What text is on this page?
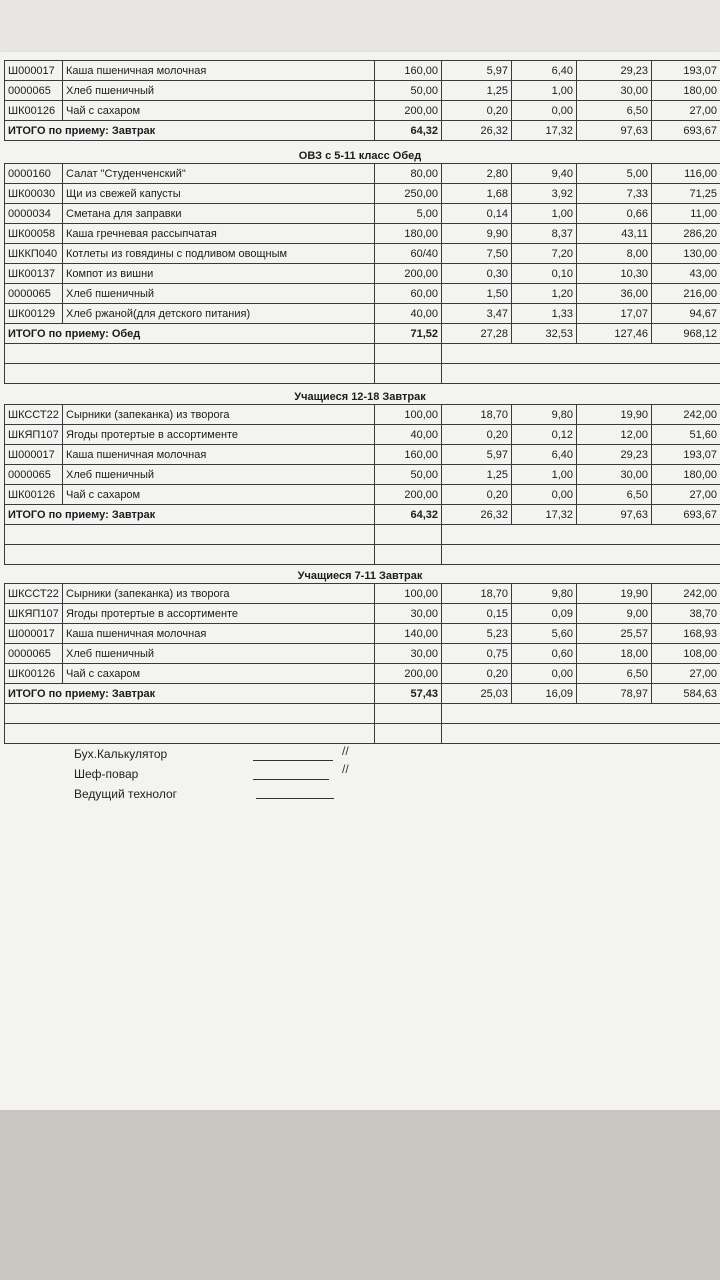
Ш000017	Каша пшеничная молочная	160,00	5,97	6,40	29,23	193,07
0000065	Хлеб пшеничный	50,00	1,25	1,00	30,00	180,00
ШК00126	Чай с сахаром	200,00	0,20	0,00	6,50	27,00
ИТОГО по приему: Завтрак		64,32	26,32	17,32	97,63	693,67
ОВЗ с 5-11 класс Обед
0000160	Салат "Студенченский"	80,00	2,80	9,40	5,00	116,00
ШК00030	Щи из свежей капусты	250,00	1,68	3,92	7,33	71,25
0000034	Сметана для заправки	5,00	0,14	1,00	0,66	11,00
ШК00058	Каша гречневая рассыпчатая	180,00	9,90	8,37	43,11	286,20
ШККП040	Котлеты из говядины с подливом овощным	60/40	7,50	7,20	8,00	130,00
ШК00137	Компот из вишни	200,00	0,30	0,10	10,30	43,00
0000065	Хлеб пшеничный	60,00	1,50	1,20	36,00	216,00
ШК00129	Хлеб ржаной(для детского питания)	40,00	3,47	1,33	17,07	94,67
ИТОГО по приему: Обед		71,52	27,28	32,53	127,46	968,12

Учащиеся 12-18 Завтрак
ШКССТ22	Сырники (запеканка) из творога	100,00	18,70	9,80	19,90	242,00
ШКЯП107	Ягоды протертые в ассортименте	40,00	0,20	0,12	12,00	51,60
Ш000017	Каша пшеничная молочная	160,00	5,97	6,40	29,23	193,07
0000065	Хлеб пшеничный	50,00	1,25	1,00	30,00	180,00
ШК00126	Чай с сахаром	200,00	0,20	0,00	6,50	27,00
ИТОГО по приему: Завтрак		64,32	26,32	17,32	97,63	693,67

Учащиеся 7-11 Завтрак
ШКССТ22	Сырники (запеканка) из творога	100,00	18,70	9,80	19,90	242,00
ШКЯП107	Ягоды протертые в ассортименте	30,00	0,15	0,09	9,00	38,70
Ш000017	Каша пшеничная молочная	140,00	5,23	5,60	25,57	168,93
0000065	Хлеб пшеничный	30,00	0,75	0,60	18,00	108,00
ШК00126	Чай с сахаром	200,00	0,20	0,00	6,50	27,00
ИТОГО по приему: Завтрак		57,43	25,03	16,09	78,97	584,63

Бух.Калькулятор	//
Шеф-повар	//
Ведущий технолог
